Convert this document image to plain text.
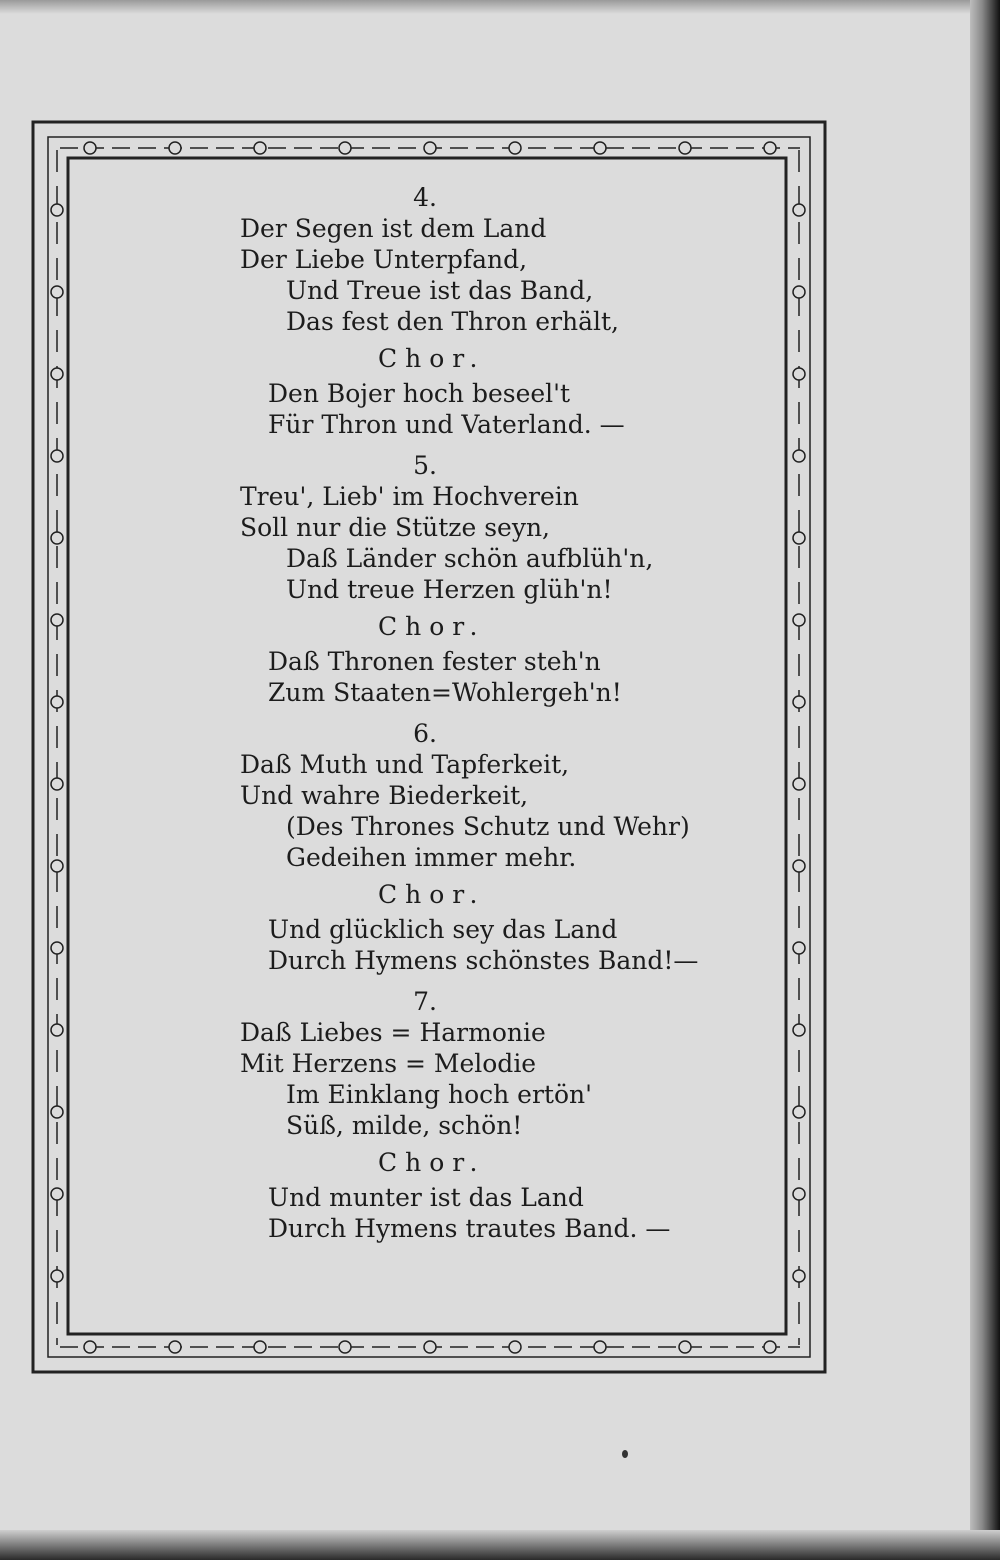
4.

Der Segen ist dem Land

Der Liebe Unterpfand,

Und Treue ist das Band,

Das fest den Thron erhält,

Chor.

Den Bojer hoch beseel't

Für Thron und Vaterland. —

5.

Treu', Lieb' im Hochverein

Soll nur die Stütze seyn,

Daß Länder schön aufblüh'n,

Und treue Herzen glüh'n!

Chor.

Daß Thronen fester steh'n

Zum Staaten=Wohlergeh'n!

6.

Daß Muth und Tapferkeit,

Und wahre Biederkeit,

(Des Thrones Schutz und Wehr)

Gedeihen immer mehr.

Chor.

Und glücklich sey das Land

Durch Hymens schönstes Band!—

7.

Daß Liebes = Harmonie

Mit Herzens = Melodie

Im Einklang hoch ertön'

Süß, milde, schön!

Chor.

Und munter ist das Land

Durch Hymens trautes Band. —
